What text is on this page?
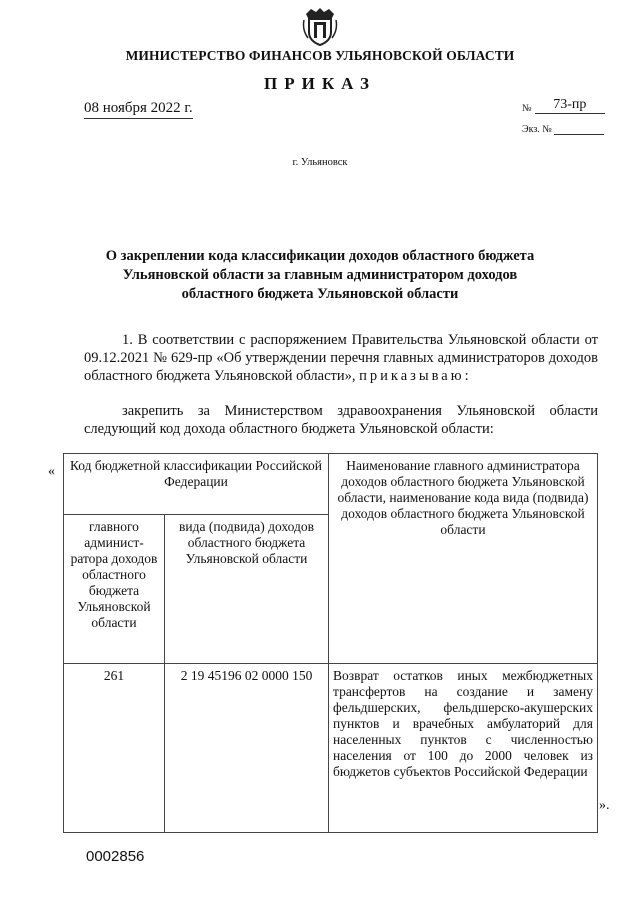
МИНИСТЕРСТВО ФИНАНСОВ УЛЬЯНОВСКОЙ ОБЛАСТИ
ПРИКАЗ
08 ноября 2022 г.	№ 73-пр
Экз. №
г. Ульяновск
О закреплении кода классификации доходов областного бюджета
Ульяновской области за главным администратором доходов
областного бюджета Ульяновской области
1. В соответствии с распоряжением Правительства Ульяновской области от 09.12.2021 № 629-пр «Об утверждении перечня главных администраторов доходов областного бюджета Ульяновской области», приказываю:
закрепить за Министерством здравоохранения Ульяновской области следующий код дохода областного бюджета Ульяновской области:
« Код бюджетной классификации Российской Федерации		Наименование главного администратора доходов областного бюджета Ульяновской области, наименование кода вида (подвида) доходов областного бюджета Ульяновской области
главного админист- ратора доходов областного бюджета Ульяновской области	вида (подвида) доходов областного бюджета Ульяновской области	
261	2 19 45196 02 0000 150	Возврат остатков иных межбюджетных трансфертов на создание и замену фельдшерских, фельдшерско-акушерских пунктов и врачебных амбулаторий для населенных пунктов с численностью населения от 100 до 2000 человек из бюджетов субъектов Российской Федерации
».
0002856
